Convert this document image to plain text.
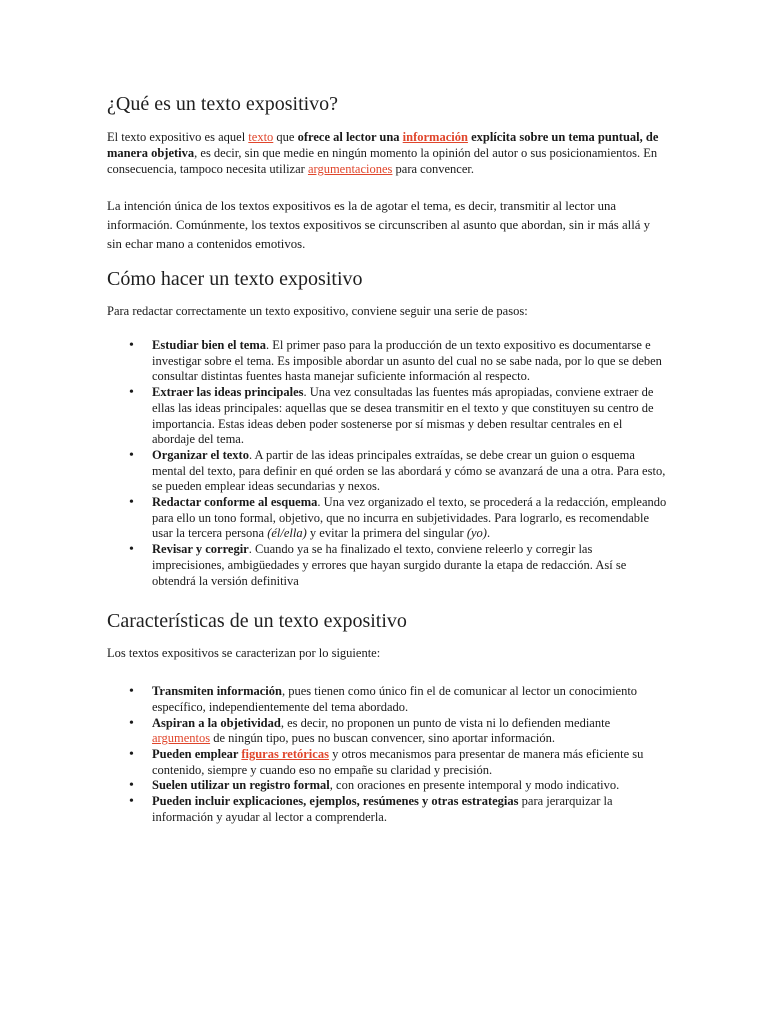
¿Qué es un texto expositivo?

El texto expositivo es aquel texto que ofrece al lector una información explícita sobre un tema puntual, de manera objetiva, es decir, sin que medie en ningún momento la opinión del autor o sus posicionamientos. En consecuencia, tampoco necesita utilizar argumentaciones para convencer.

La intención única de los textos expositivos es la de agotar el tema, es decir, transmitir al lector una información. Comúnmente, los textos expositivos se circunscriben al asunto que abordan, sin ir más allá y sin echar mano a contenidos emotivos.

Cómo hacer un texto expositivo

Para redactar correctamente un texto expositivo, conviene seguir una serie de pasos:

• Estudiar bien el tema. El primer paso para la producción de un texto expositivo es documentarse e investigar sobre el tema. Es imposible abordar un asunto del cual no se sabe nada, por lo que se deben consultar distintas fuentes hasta manejar suficiente información al respecto.
• Extraer las ideas principales. Una vez consultadas las fuentes más apropiadas, conviene extraer de ellas las ideas principales: aquellas que se desea transmitir en el texto y que constituyen su centro de importancia. Estas ideas deben poder sostenerse por sí mismas y deben resultar centrales en el abordaje del tema.
• Organizar el texto. A partir de las ideas principales extraídas, se debe crear un guion o esquema mental del texto, para definir en qué orden se las abordará y cómo se avanzará de una a otra. Para esto, se pueden emplear ideas secundarias y nexos.
• Redactar conforme al esquema. Una vez organizado el texto, se procederá a la redacción, empleando para ello un tono formal, objetivo, que no incurra en subjetividades. Para lograrlo, es recomendable usar la tercera persona (él/ella) y evitar la primera del singular (yo).
• Revisar y corregir. Cuando ya se ha finalizado el texto, conviene releerlo y corregir las imprecisiones, ambigüedades y errores que hayan surgido durante la etapa de redacción. Así se obtendrá la versión definitiva
Características de un texto expositivo

Los textos expositivos se caracterizan por lo siguiente:

• Transmiten información, pues tienen como único fin el de comunicar al lector un conocimiento específico, independientemente del tema abordado.
• Aspiran a la objetividad, es decir, no proponen un punto de vista ni lo defienden mediante argumentos de ningún tipo, pues no buscan convencer, sino aportar información.
• Pueden emplear figuras retóricas y otros mecanismos para presentar de manera más eficiente su contenido, siempre y cuando eso no empañe su claridad y precisión.
• Suelen utilizar un registro formal, con oraciones en presente intemporal y modo indicativo.
• Pueden incluir explicaciones, ejemplos, resúmenes y otras estrategias para jerarquizar la información y ayudar al lector a comprenderla.
